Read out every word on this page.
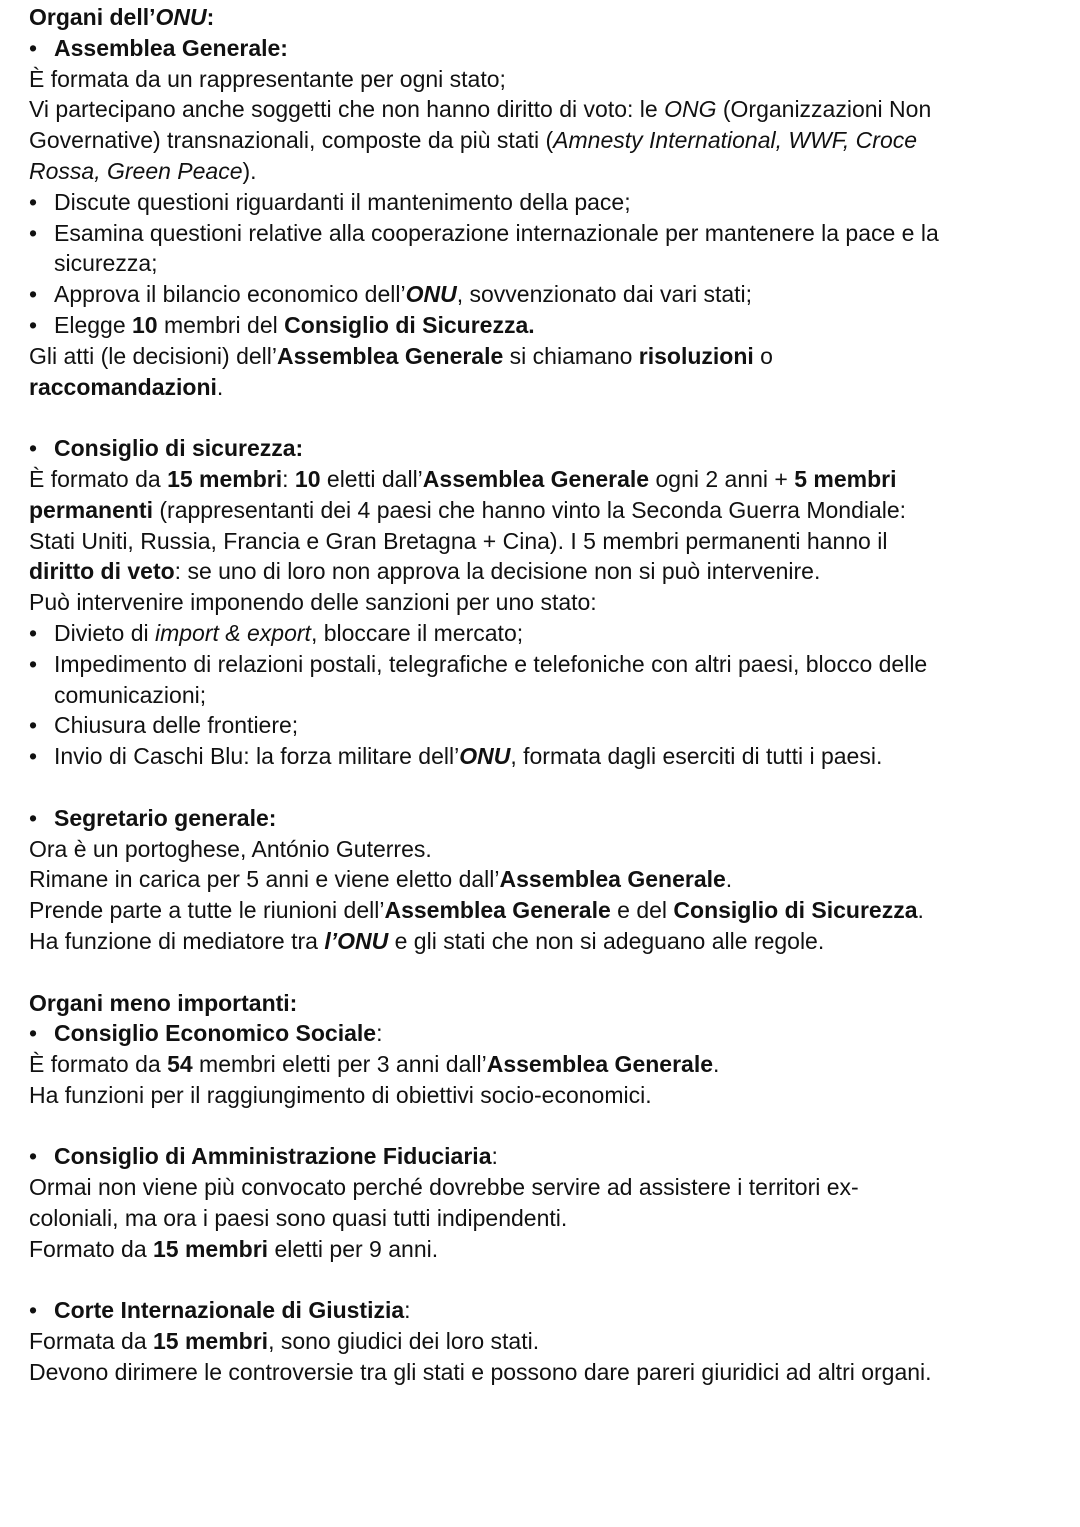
Organi dell’ONU:

• Assemblea Generale:

È formata da un rappresentante per ogni stato;

Vi partecipano anche soggetti che non hanno diritto di voto: le ONG (Organizzazioni Non

Governative) transnazionali, composte da più stati (Amnesty International, WWF, Croce

Rossa, Green Peace).

• Discute questioni riguardanti il mantenimento della pace;

• Esamina questioni relative alla cooperazione internazionale per mantenere la pace e la
sicurezza;

• Approva il bilancio economico dell’ONU, sovvenzionato dai vari stati;

• Elegge 10 membri del Consiglio di Sicurezza.

Gli atti (le decisioni) dell’Assemblea Generale si chiamano risoluzioni o

raccomandazioni.

• Consiglio di sicurezza:

È formato da 15 membri: 10 eletti dall’Assemblea Generale ogni 2 anni + 5 membri

permanenti (rappresentanti dei 4 paesi che hanno vinto la Seconda Guerra Mondiale:

Stati Uniti, Russia, Francia e Gran Bretagna + Cina). I 5 membri permanenti hanno il

diritto di veto: se uno di loro non approva la decisione non si può intervenire.

Può intervenire imponendo delle sanzioni per uno stato:

• Divieto di import & export, bloccare il mercato;

• Impedimento di relazioni postali, telegrafiche e telefoniche con altri paesi, blocco delle
comunicazioni;

• Chiusura delle frontiere;

• Invio di Caschi Blu: la forza militare dell’ONU, formata dagli eserciti di tutti i paesi.

• Segretario generale:

Ora è un portoghese, António Guterres.

Rimane in carica per 5 anni e viene eletto dall’Assemblea Generale.

Prende parte a tutte le riunioni dell’Assemblea Generale e del Consiglio di Sicurezza.

Ha funzione di mediatore tra l’ONU e gli stati che non si adeguano alle regole.

Organi meno importanti:

• Consiglio Economico Sociale:

È formato da 54 membri eletti per 3 anni dall’Assemblea Generale.

Ha funzioni per il raggiungimento di obiettivi socio-economici.

• Consiglio di Amministrazione Fiduciaria:

Ormai non viene più convocato perché dovrebbe servire ad assistere i territori ex-

coloniali, ma ora i paesi sono quasi tutti indipendenti.

Formato da 15 membri eletti per 9 anni.

• Corte Internazionale di Giustizia:

Formata da 15 membri, sono giudici dei loro stati.

Devono dirimere le controversie tra gli stati e possono dare pareri giuridici ad altri organi.
